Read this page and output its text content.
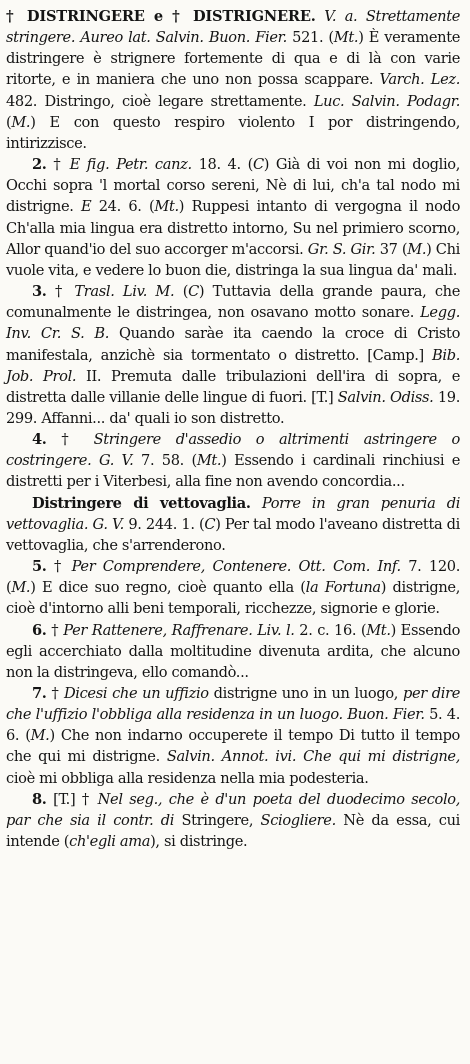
† DISTRINGERE e † DISTRIGNERE. V. a. Strettamente stringere. Aureo lat. Salvin. Buon. Fier. 521. (Mt.) È veramente distringere è strignere fortemente di qua e di là con varie ritorte, e in maniera che uno non possa scappare. Varch. Lez. 482. Distringo, cioè legare strettamente. Luc. Salvin. Podagr. (M.) E con questo respiro violento I por distringendo, intirizzisce.

2. † E fig. Petr. canz. 18. 4. (C) Già di voi non mi doglio, Occhi sopra 'l mortal corso sereni, Nè di lui, ch'a tal nodo mi distrigne. E 24. 6. (Mt.) Ruppesi intanto di vergogna il nodo Ch'alla mia lingua era distretto intorno, Su nel primiero scorno, Allor quand'io del suo accorger m'accorsi. Gr. S. Gir. 37 (M.) Chi vuole vita, e vedere lo buon die, distringa la sua lingua da' mali.

3. † Trasl. Liv. M. (C) Tuttavia della grande paura, che comunalmente le distringea, non osavano motto sonare. Legg. Inv. Cr. S. B. Quando saràe ita caendo la croce di Cristo manifestala, anzichè sia tormentato o distretto. [Camp.] Bib. Job. Prol. II. Premuta dalle tribulazioni dell'ira di sopra, e distretta dalle villanie delle lingue di fuori. [T.] Salvin. Odiss. 19. 299. Affanni... da' quali io son distretto.

4. † Stringere d'assedio o altrimenti astringere o costringere. G. V. 7. 58. (Mt.) Essendo i cardinali rinchiusi e distretti per i Viterbesi, alla fine non avendo concordia...

Distringere di vettovaglia. Porre in gran penuria di vettovaglia. G. V. 9. 244. 1. (C) Per tal modo l'aveano distretta di vettovaglia, che s'arrenderono.

5. † Per Comprendere, Contenere. Ott. Com. Inf. 7. 120. (M.) E dice suo regno, cioè quanto ella (la Fortuna) distrigne, cioè d'intorno alli beni temporali, ricchezze, signorie e glorie.

6. † Per Rattenere, Raffrenare. Liv. l. 2. c. 16. (Mt.) Essendo egli accerchiato dalla moltitudine divenuta ardita, che alcuno non la distringeva, ello comandò...

7. † Dicesi che un uffizio distrigne uno in un luogo, per dire che l'uffizio l'obbliga alla residenza in un luogo. Buon. Fier. 5. 4. 6. (M.) Che non indarno occuperete il tempo Di tutto il tempo che qui mi distrigne. Salvin. Annot. ivi. Che qui mi distrigne, cioè mi obbliga alla residenza nella mia podesteria.

8. [T.] † Nel seg., che è d'un poeta del duodecimo secolo, par che sia il contr. di Stringere, Sciogliere. Nè da essa, cui intende (ch'egli ama), si distringe.
